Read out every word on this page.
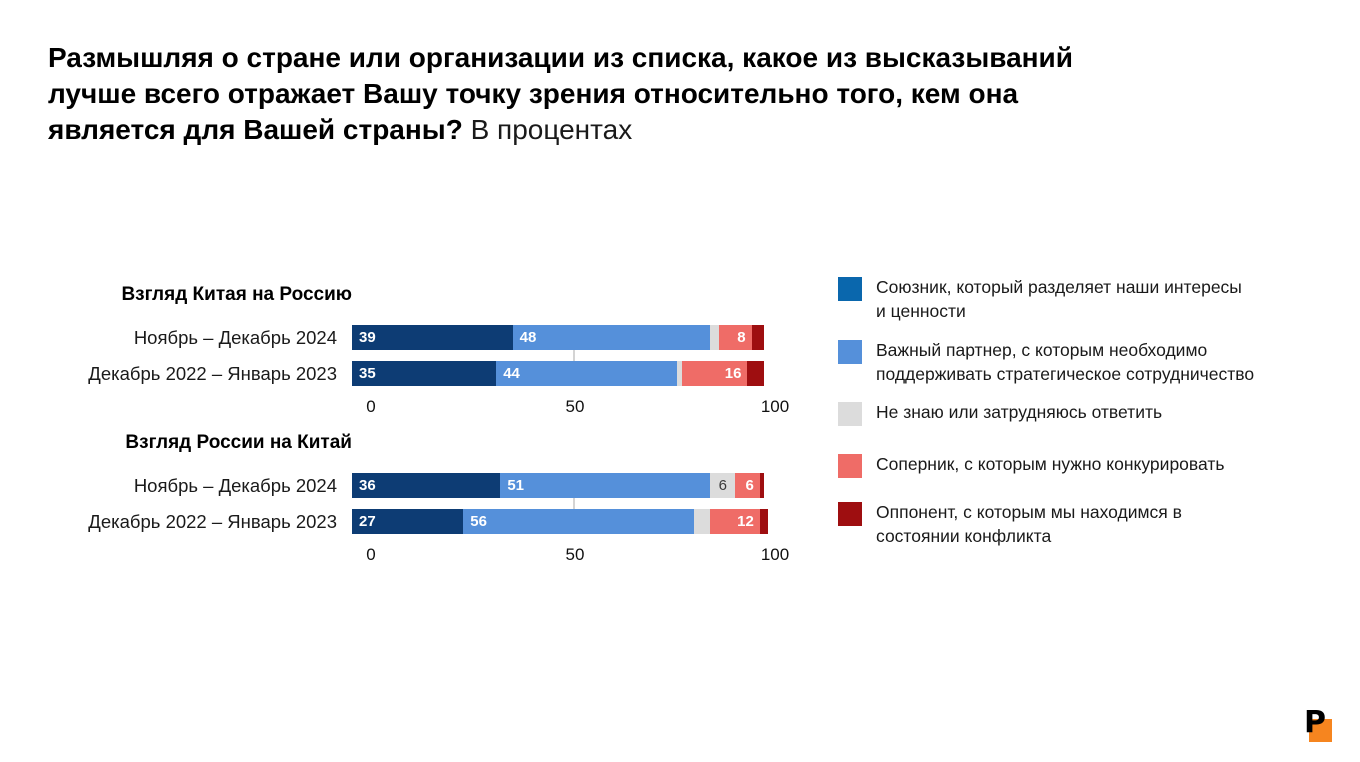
Размышляя о стране или организации из списка, какое из высказываний
лучше всего отражает Вашу точку зрения относительно того, кем она
является для Вашей страны? В процентах
Взгляд Китая на Россию
Ноябрь – Декабрь 2024	39	48	8
Декабрь 2022 – Январь 2023	35	44	16
0	50	100
Взгляд России на Китай
Ноябрь – Декабрь 2024	36	51	6 6
Декабрь 2022 – Январь 2023	27	56	12
0	50	100
Союзник, который разделяет наши интересы
и ценности
Важный партнер, с которым необходимо
поддерживать стратегическое сотрудничество
Не знаю или затрудняюсь ответить
Соперник, с которым нужно конкурировать
Оппонент, с которым мы находимся в
состоянии конфликта
P
